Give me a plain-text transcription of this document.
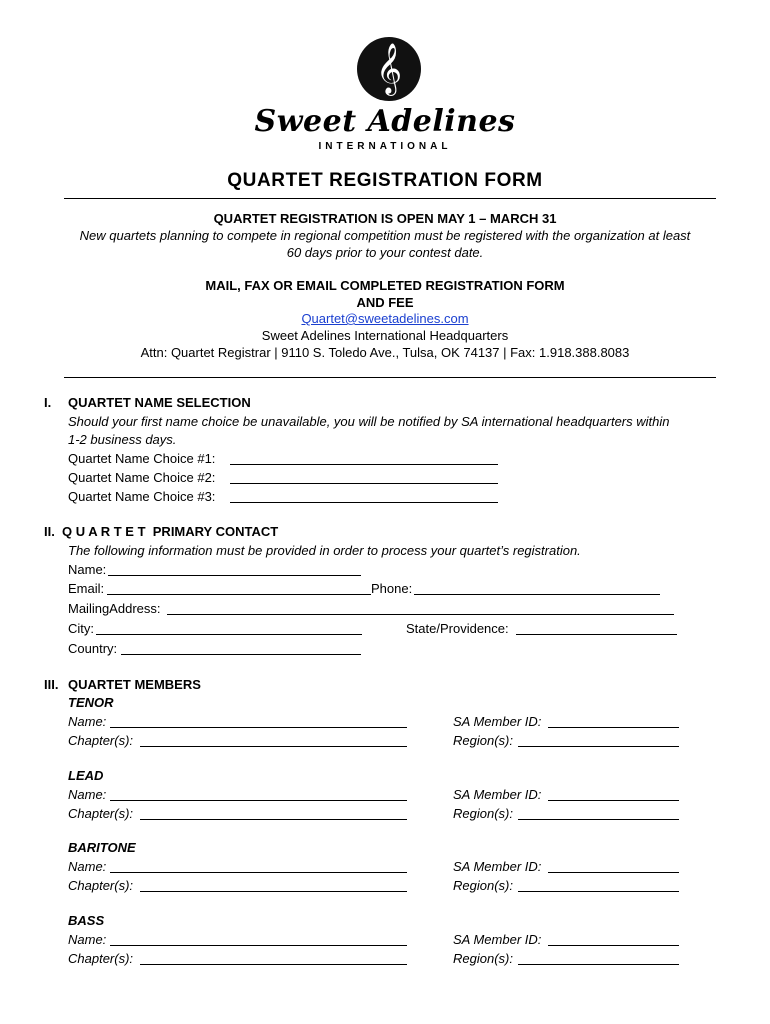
𝄞
Sweet Adelines
INTERNATIONAL
QUARTET REGISTRATION FORM
QUARTET REGISTRATION IS OPEN MAY 1 – MARCH 31
New quartets planning to compete in regional competition must be registered with the organization at least
60 days prior to your contest date.
MAIL, FAX OR EMAIL COMPLETED REGISTRATION FORM
AND FEE
Quartet@sweetadelines.com
Sweet Adelines International Headquarters
Attn: Quartet Registrar | 9110 S. Toledo Ave., Tulsa, OK 74137 | Fax: 1.918.388.8083
I. QUARTET NAME SELECTION
Should your first name choice be unavailable, you will be notified by SA international headquarters within
1-2 business days.
Quartet Name Choice #1:
Quartet Name Choice #2:
Quartet Name Choice #3:
II. Q U A R T E T  PRIMARY CONTACT
The following information must be provided in order to process your quartet’s registration.
Name:
Email:	Phone:
MailingAddress:
City:	State/Providence:
Country:
III. QUARTET MEMBERS
TENOR
Name:	SA Member ID:
Chapter(s):	Region(s):
LEAD
Name:	SA Member ID:
Chapter(s):	Region(s):
BARITONE
Name:	SA Member ID:
Chapter(s):	Region(s):
BASS
Name:	SA Member ID:
Chapter(s):	Region(s):
